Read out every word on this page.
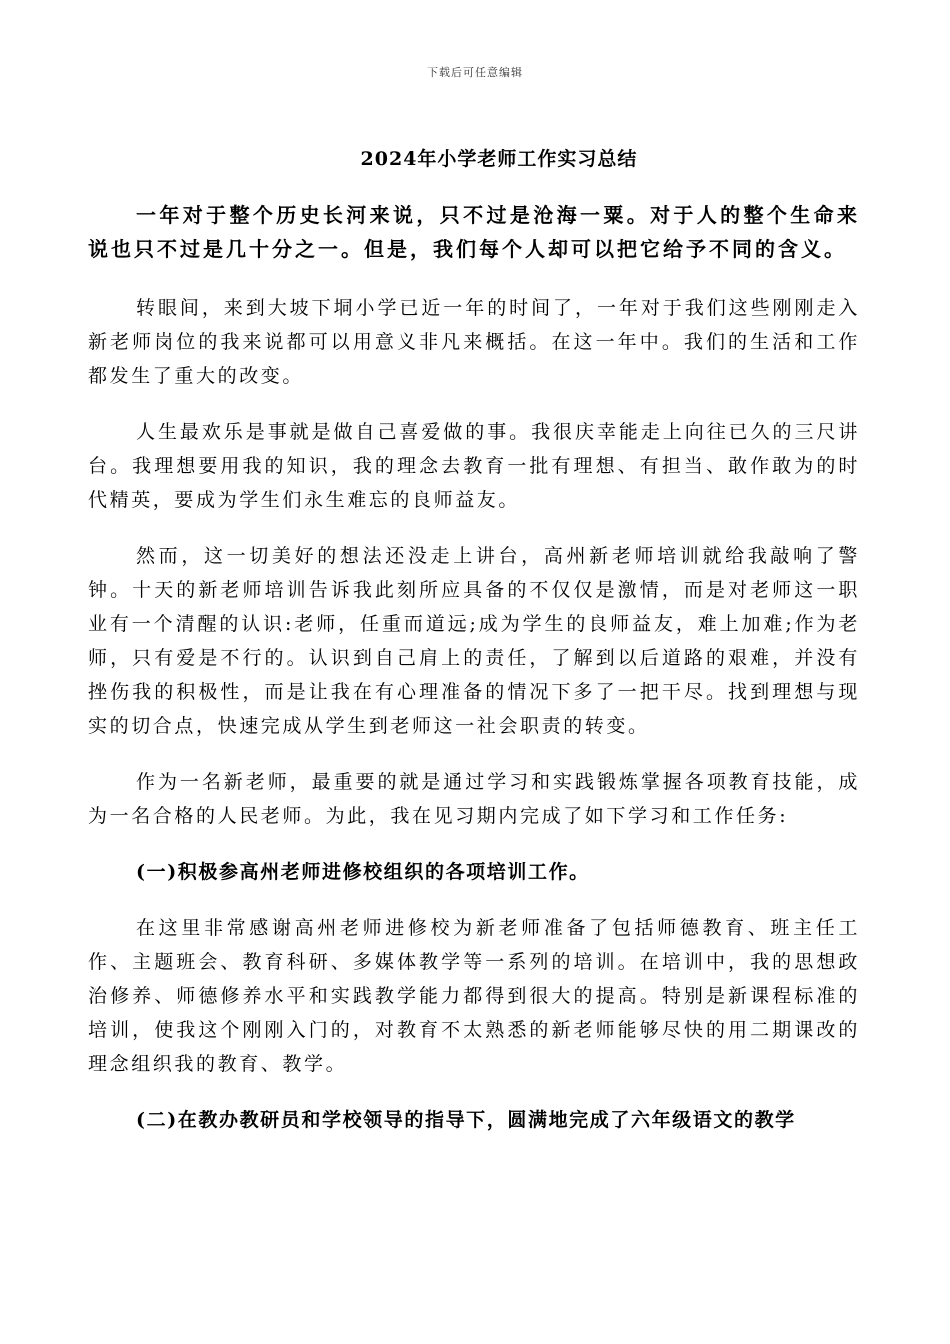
下载后可任意编辑
2024年小学老师工作实习总结

一年对于整个历史长河来说，只不过是沧海一粟。对于人的整个生命来说也只不过是几十分之一。但是，我们每个人却可以把它给予不同的含义。

转眼间，来到大坡下垌小学已近一年的时间了，一年对于我们这些刚刚走入新老师岗位的我来说都可以用意义非凡来概括。在这一年中。我们的生活和工作都发生了重大的改变。

人生最欢乐是事就是做自己喜爱做的事。我很庆幸能走上向往已久的三尺讲台。我理想要用我的知识，我的理念去教育一批有理想、有担当、敢作敢为的时代精英，要成为学生们永生难忘的良师益友。

然而，这一切美好的想法还没走上讲台，高州新老师培训就给我敲响了警钟。十天的新老师培训告诉我此刻所应具备的不仅仅是激情，而是对老师这一职业有一个清醒的认识:老师，任重而道远;成为学生的良师益友，难上加难;作为老师，只有爱是不行的。认识到自己肩上的责任，了解到以后道路的艰难，并没有挫伤我的积极性，而是让我在有心理准备的情况下多了一把干尽。找到理想与现实的切合点，快速完成从学生到老师这一社会职责的转变。

作为一名新老师，最重要的就是通过学习和实践锻炼掌握各项教育技能，成为一名合格的人民老师。为此，我在见习期内完成了如下学习和工作任务:

(一)积极参高州老师进修校组织的各项培训工作。

在这里非常感谢高州老师进修校为新老师准备了包括师德教育、班主任工作、主题班会、教育科研、多媒体教学等一系列的培训。在培训中，我的思想政治修养、师德修养水平和实践教学能力都得到很大的提高。特别是新课程标准的培训，使我这个刚刚入门的，对教育不太熟悉的新老师能够尽快的用二期课改的理念组织我的教育、教学。

(二)在教办教研员和学校领导的指导下，圆满地完成了六年级语文的教学
